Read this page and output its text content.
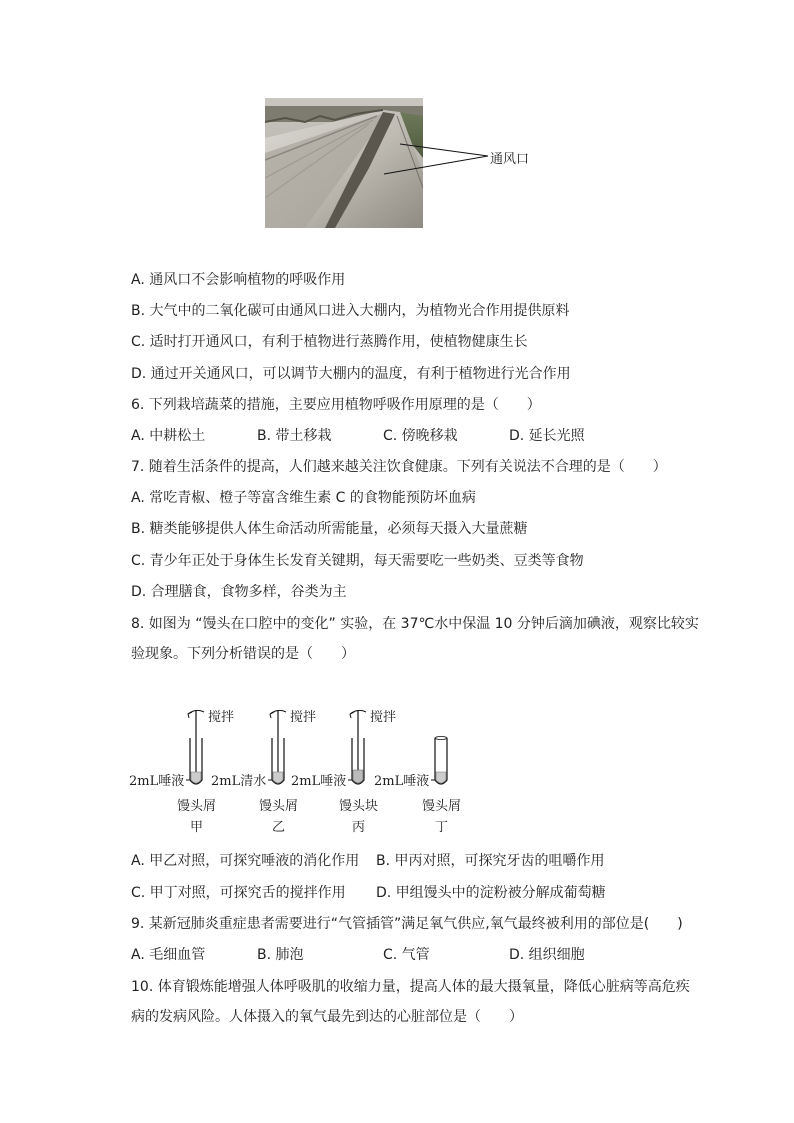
通风口
A. 通风口不会影响植物的呼吸作用
B. 大气中的二氧化碳可由通风口进入大棚内，为植物光合作用提供原料
C. 适时打开通风口，有利于植物进行蒸腾作用，使植物健康生长
D. 通过开关通风口，可以调节大棚内的温度，有利于植物进行光合作用
6. 下列栽培蔬菜的措施，主要应用植物呼吸作用原理的是（　　）
A. 中耕松土	B. 带土移栽	C. 傍晚移栽	D. 延长光照
7. 随着生活条件的提高，人们越来越关注饮食健康。下列有关说法不合理的是（　　）
A. 常吃青椒、橙子等富含维生素 C 的食物能预防坏血病
B. 糖类能够提供人体生命活动所需能量，必须每天摄入大量蔗糖
C. 青少年正处于身体生长发育关键期，每天需要吃一些奶类、豆类等食物
D. 合理膳食，食物多样，谷类为主
8. 如图为 “馒头在口腔中的变化” 实验，在 37℃水中保温 10 分钟后滴加碘液，观察比较实
验现象。下列分析错误的是（　　）
搅拌
2mL唾液
馒头屑
甲
搅拌
2mL清水
馒头屑
乙
搅拌
2mL唾液
馒头块
丙
2mL唾液
馒头屑
丁
A. 甲乙对照，可探究唾液的消化作用 B. 甲丙对照，可探究牙齿的咀嚼作用
C. 甲丁对照，可探究舌的搅拌作用 D. 甲组馒头中的淀粉被分解成葡萄糖
9. 某新冠肺炎重症患者需要进行“气管插管”满足氧气供应,氧气最终被利用的部位是(　　)
A. 毛细血管	B. 肺泡	C. 气管	D. 组织细胞
10. 体育锻炼能增强人体呼吸肌的收缩力量，提高人体的最大摄氧量，降低心脏病等高危疾
病的发病风险。人体摄入的氧气最先到达的心脏部位是（　　）
